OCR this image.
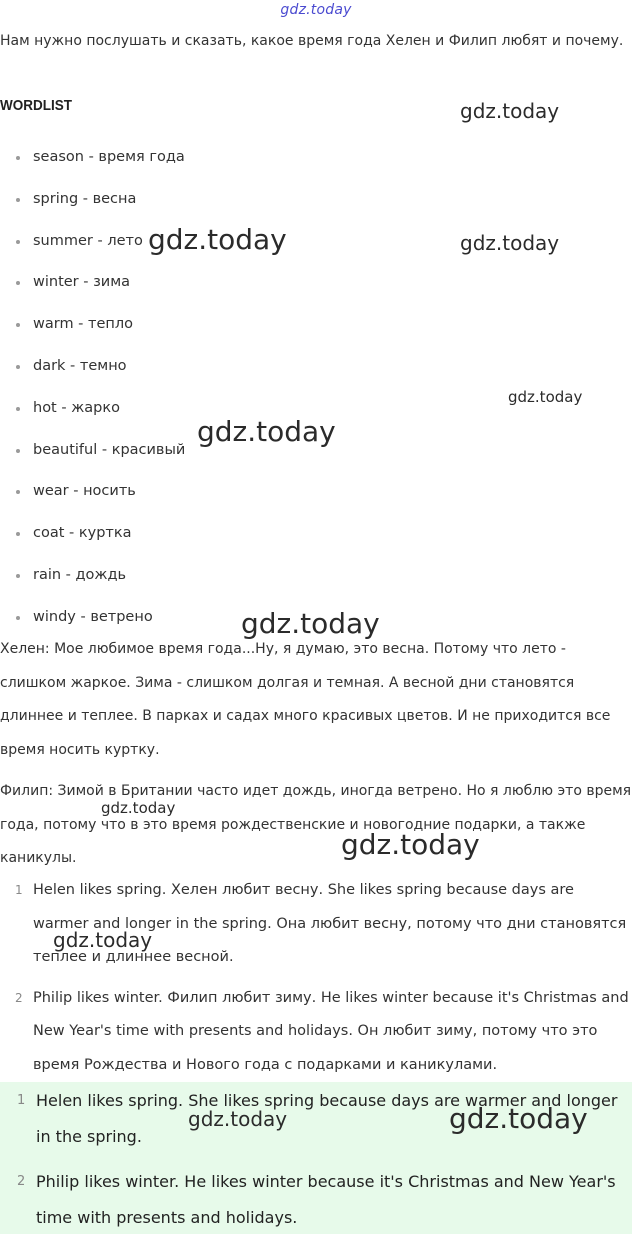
gdz.today
Нам нужно послушать и сказать, какое время года Хелен и Филип любят и почему.
WORDLIST
season - время года
spring - весна
summer - лето
winter - зима
warm - тепло
dark - темно
hot - жарко
beautiful - красивый
wear - носить
coat - куртка
rain - дождь
windy - ветрено
Хелен: Мое любимое время года...Ну, я думаю, это весна. Потому что лето - слишком жаркое. Зима - слишком долгая и темная. А весной дни становятся длиннее и теплее. В парках и садах много красивых цветов. И не приходится все время носить куртку.
Филип: Зимой в Британии часто идет дождь, иногда ветрено. Но я люблю это время года, потому что в это время рождественские и новогодние подарки, а также каникулы.
1 Helen likes spring. Хелен любит весну. She likes spring because days are warmer and longer in the spring. Она любит весну, потому что дни становятся теплее и длиннее весной.
2 Philip likes winter. Филип любит зиму. He likes winter because it's Christmas and New Year's time with presents and holidays. Он любит зиму, потому что это время Рождества и Нового года с подарками и каникулами.
1 Helen likes spring. She likes spring because days are warmer and longer in the spring.
2 Philip likes winter. He likes winter because it's Christmas and New Year's time with presents and holidays.
gdz.today
gdz.today	gdz.today
gdz.today
gdz.today
gdz.today
gdz.today
gdz.today
gdz.today
gdz.today	gdz.today
